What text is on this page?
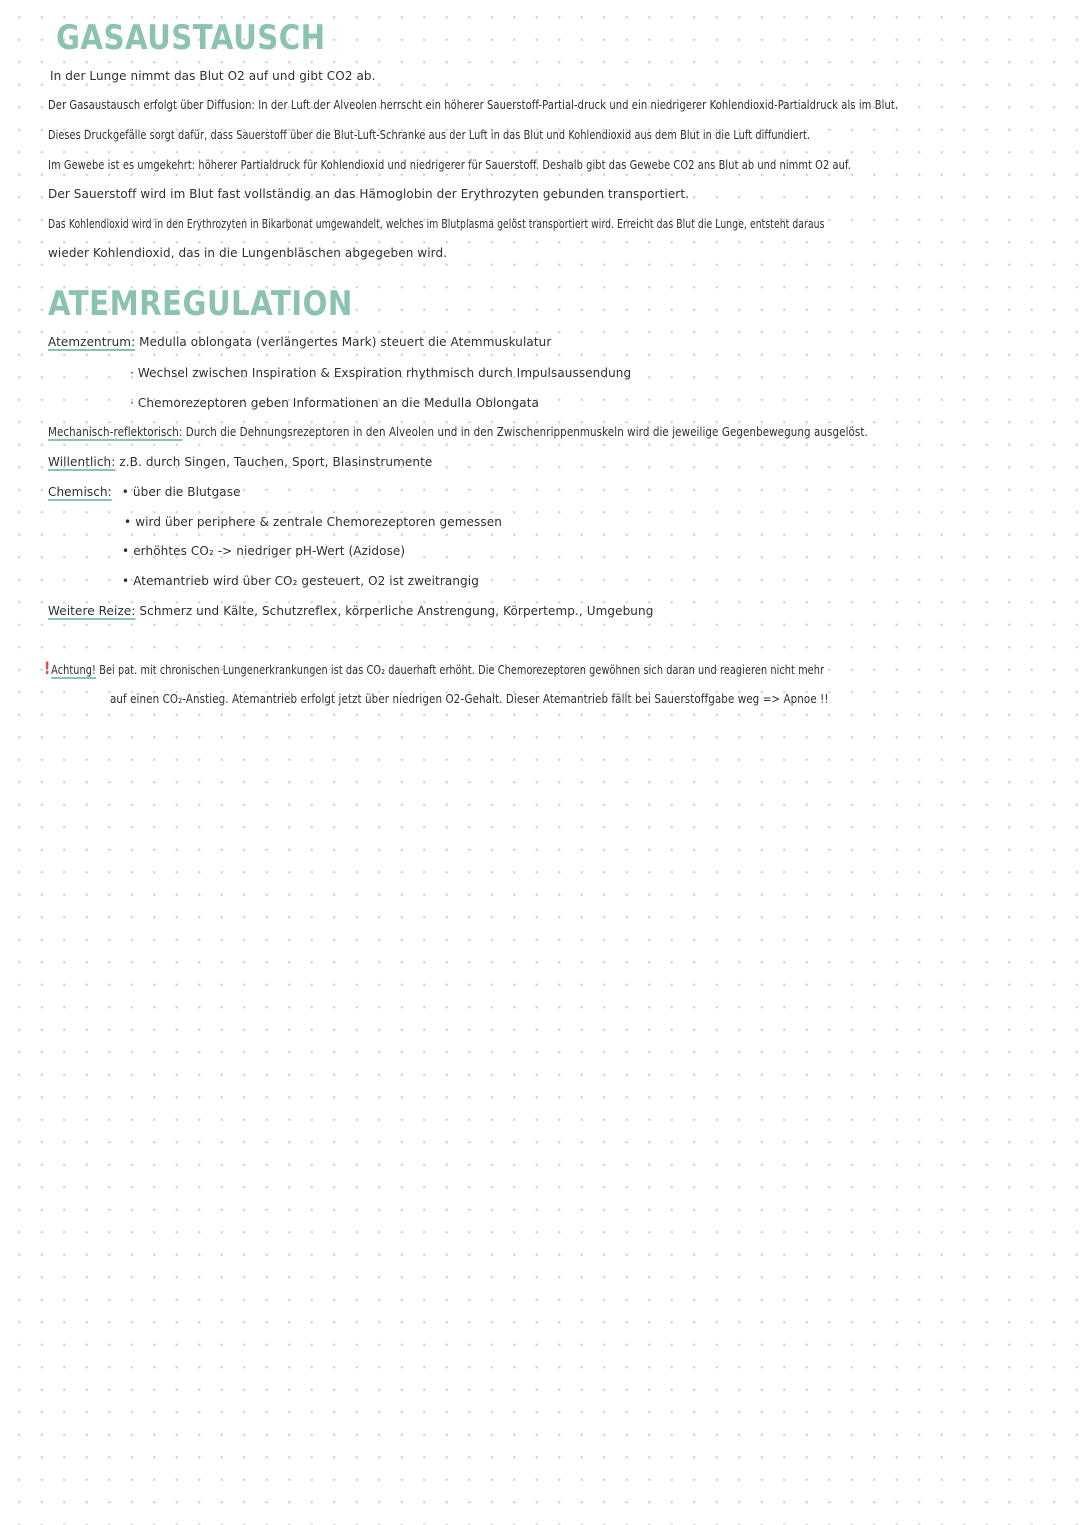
GASAUSTAUSCH
In der Lunge nimmt das Blut O2 auf und gibt CO2 ab.
Der Gasaustausch erfolgt über Diffusion: In der Luft der Alveolen herrscht ein höherer Sauerstoff-Partial-druck und ein niedrigerer Kohlendioxid-Partialdruck als im Blut.
Dieses Druckgefälle sorgt dafür, dass Sauerstoff über die Blut-Luft-Schranke aus der Luft in das Blut und Kohlendioxid aus dem Blut in die Luft diffundiert.
Im Gewebe ist es umgekehrt: höherer Partialdruck für Kohlendioxid und niedrigerer für Sauerstoff. Deshalb gibt das Gewebe CO2 ans Blut ab und nimmt O2 auf.
Der Sauerstoff wird im Blut fast vollständig an das Hämoglobin der Erythrozyten gebunden transportiert.
Das Kohlendioxid wird in den Erythrozyten in Bikarbonat umgewandelt, welches im Blutplasma gelöst transportiert wird. Erreicht das Blut die Lunge, entsteht daraus
wieder Kohlendioxid, das in die Lungenbläschen abgegeben wird.
ATEMREGULATION
Atemzentrum: Medulla oblongata (verlängertes Mark) steuert die Atemmuskulatur
· Wechsel zwischen Inspiration & Exspiration rhythmisch durch Impulsaussendung
· Chemorezeptoren geben Informationen an die Medulla Oblongata
Mechanisch-reflektorisch: Durch die Dehnungsrezeptoren in den Alveolen und in den Zwischenrippenmuskeln wird die jeweilige Gegenbewegung ausgelöst.
Willentlich: z.B. durch Singen, Tauchen, Sport, Blasinstrumente
Chemisch: • über die Blutgase
• wird über periphere & zentrale Chemorezeptoren gemessen
• erhöhtes CO₂ -> niedriger pH-Wert (Azidose)
• Atemantrieb wird über CO₂ gesteuert, O2 ist zweitrangig
Weitere Reize: Schmerz und Kälte, Schutzreflex, körperliche Anstrengung, Körpertemp., Umgebung
!Achtung! Bei pat. mit chronischen Lungenerkrankungen ist das CO₂ dauerhaft erhöht. Die Chemorezeptoren gewöhnen sich daran und reagieren nicht mehr
auf einen CO₂-Anstieg. Atemantrieb erfolgt jetzt über niedrigen O2-Gehalt. Dieser Atemantrieb fällt bei Sauerstoffgabe weg => Apnoe !!
